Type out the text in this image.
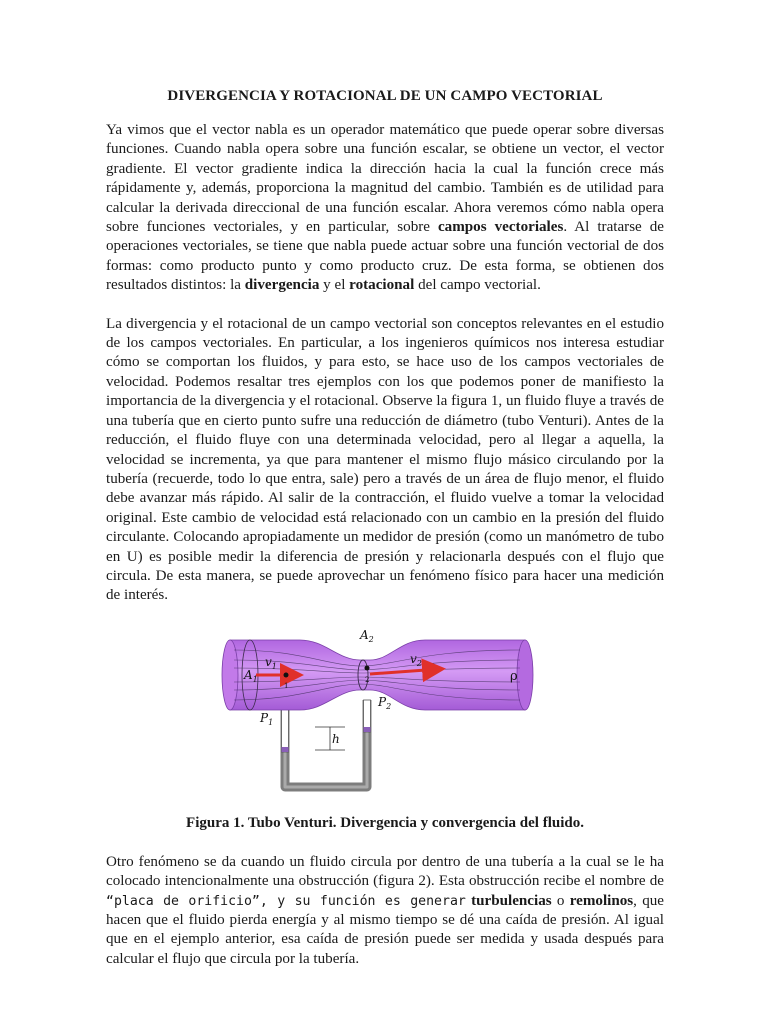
DIVERGENCIA Y ROTACIONAL DE UN CAMPO VECTORIAL

Ya vimos que el vector nabla es un operador matemático que puede operar sobre diversas funciones. Cuando nabla opera sobre una función escalar, se obtiene un vector, el vector gradiente. El vector gradiente indica la dirección hacia la cual la función crece más rápidamente y, además, proporciona la magnitud del cambio. También es de utilidad para calcular la derivada direccional de una función escalar. Ahora veremos cómo nabla opera sobre funciones vectoriales, y en particular, sobre campos vectoriales. Al tratarse de operaciones vectoriales, se tiene que nabla puede actuar sobre una función vectorial de dos formas: como producto punto y como producto cruz. De esta forma, se obtienen dos resultados distintos: la divergencia y el rotacional del campo vectorial.

La divergencia y el rotacional de un campo vectorial son conceptos relevantes en el estudio de los campos vectoriales. En particular, a los ingenieros químicos nos interesa estudiar cómo se comportan los fluidos, y para esto, se hace uso de los campos vectoriales de velocidad. Podemos resaltar tres ejemplos con los que podemos poner de manifiesto la importancia de la divergencia y el rotacional. Observe la figura 1, un fluido fluye a través de una tubería que en cierto punto sufre una reducción de diámetro (tubo Venturi). Antes de la reducción, el fluido fluye con una determinada velocidad, pero al llegar a aquella, la velocidad se incrementa, ya que para mantener el mismo flujo másico circulando por la tubería (recuerde, todo lo que entra, sale) pero a través de un área de flujo menor, el fluido debe avanzar más rápido. Al salir de la contracción, el fluido vuelve a tomar la velocidad original. Este cambio de velocidad está relacionado con un cambio en la presión del fluido circulante. Colocando apropiadamente un medidor de presión (como un manómetro de tubo en U) es posible medir la diferencia de presión y relacionarla después con el flujo que circula. De esta manera, se puede aprovechar un fenómeno físico para hacer una medición de interés.

$A_1$
$v_1$
$A_2$
$v_2$
ρ
$P_1$
$P_2$
h
1
2
Figura 1. Tubo Venturi. Divergencia y convergencia del fluido.

Otro fenómeno se da cuando un fluido circula por dentro de una tubería a la cual se le ha colocado intencionalmente una obstrucción (figura 2). Esta obstrucción recibe el nombre de “placa de orificio”, y su función es generar turbulencias o remolinos, que hacen que el fluido pierda energía y al mismo tiempo se dé una caída de presión. Al igual que en el ejemplo anterior, esa caída de presión puede ser medida y usada después para calcular el flujo que circula por la tubería.
